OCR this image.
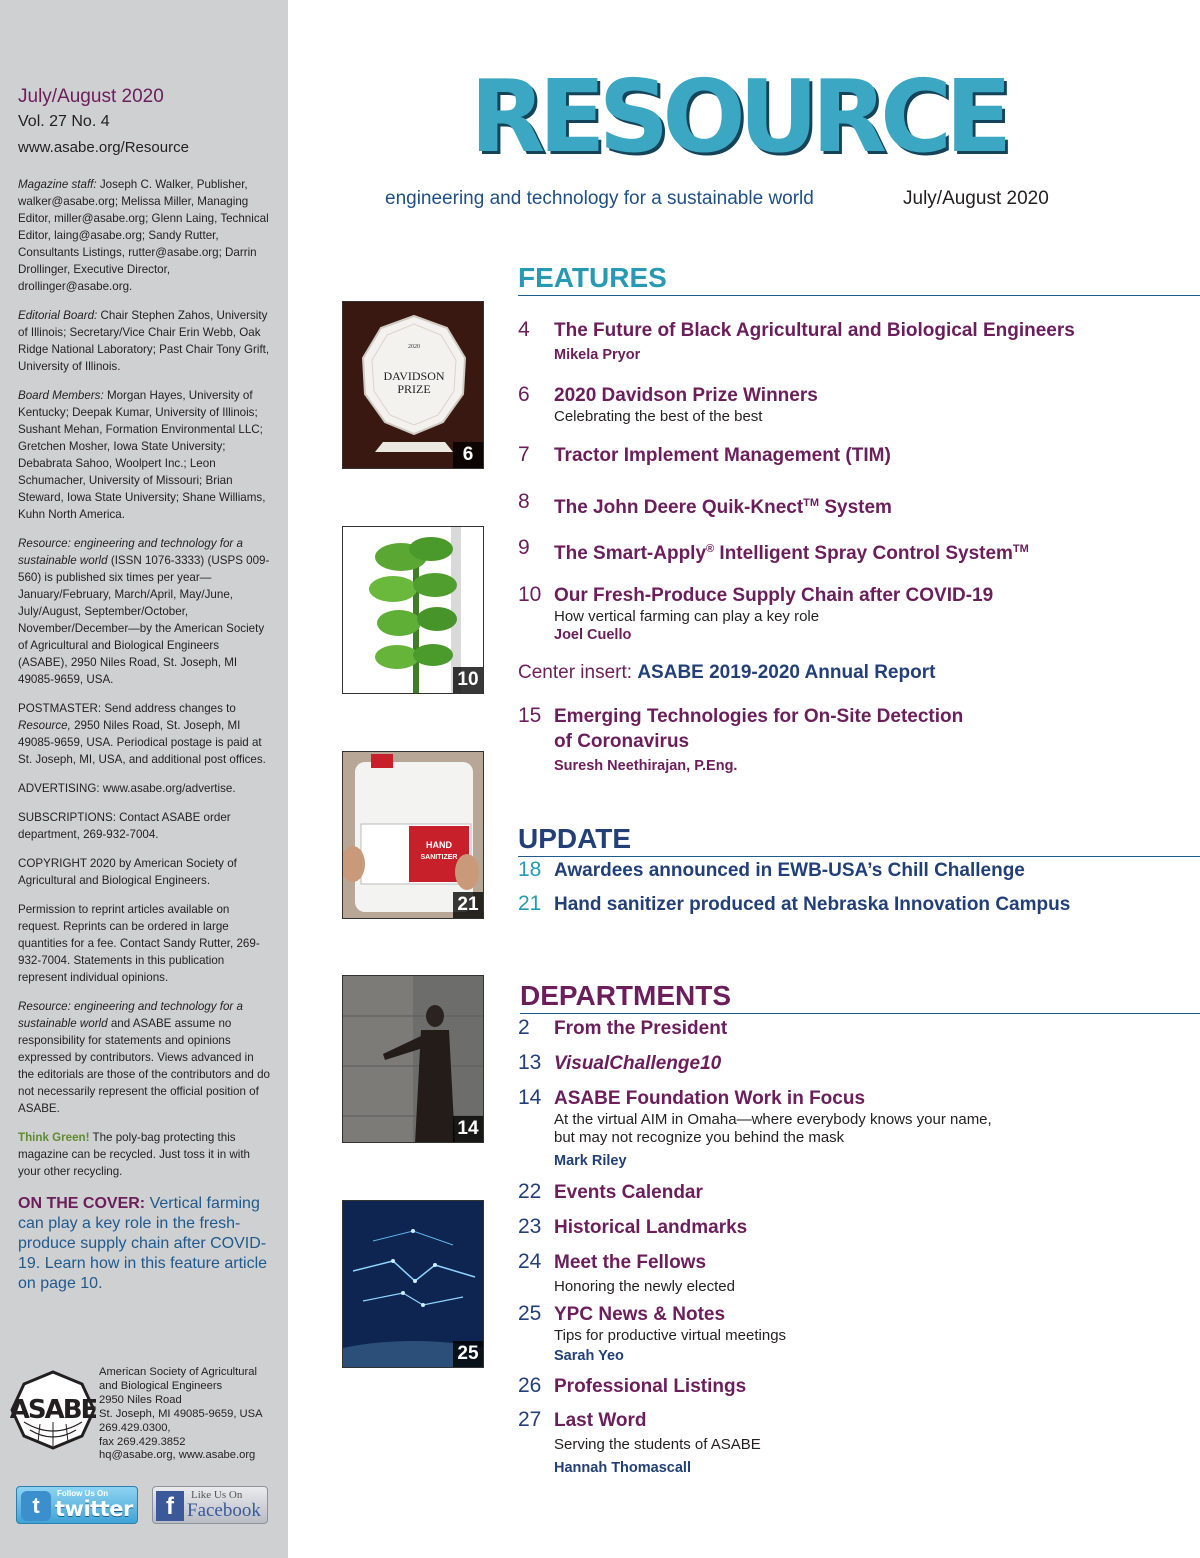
July/August 2020
Vol. 27 No. 4
www.asabe.org/Resource
Magazine staff: Joseph C. Walker, Publisher, walker@asabe.org; Melissa Miller, Managing Editor, miller@asabe.org; Glenn Laing, Technical Editor, laing@asabe.org; Sandy Rutter, Consultants Listings, rutter@asabe.org; Darrin Drollinger, Executive Director, drollinger@asabe.org.
Editorial Board: Chair Stephen Zahos, University of Illinois; Secretary/Vice Chair Erin Webb, Oak Ridge National Laboratory; Past Chair Tony Grift, University of Illinois.
Board Members: Morgan Hayes, University of Kentucky; Deepak Kumar, University of Illinois; Sushant Mehan, Formation Environmental LLC; Gretchen Mosher, Iowa State University; Debabrata Sahoo, Woolpert Inc.; Leon Schumacher, University of Missouri; Brian Steward, Iowa State University; Shane Williams, Kuhn North America.
Resource: engineering and technology for a sustainable world (ISSN 1076-3333) (USPS 009-560) is published six times per year—January/February, March/April, May/June, July/August, September/October, November/December—by the American Society of Agricultural and Biological Engineers (ASABE), 2950 Niles Road, St. Joseph, MI 49085-9659, USA.
POSTMASTER: Send address changes to Resource, 2950 Niles Road, St. Joseph, MI 49085-9659, USA. Periodical postage is paid at St. Joseph, MI, USA, and additional post offices.
ADVERTISING: www.asabe.org/advertise.
SUBSCRIPTIONS: Contact ASABE order department, 269-932-7004.
COPYRIGHT 2020 by American Society of Agricultural and Biological Engineers.
Permission to reprint articles available on request. Reprints can be ordered in large quantities for a fee. Contact Sandy Rutter, 269-932-7004. Statements in this publication represent individual opinions.
Resource: engineering and technology for a sustainable world and ASABE assume no responsibility for statements and opinions expressed by contributors. Views advanced in the editorials are those of the contributors and do not necessarily represent the official position of ASABE.
Think Green! The poly-bag protecting this magazine can be recycled. Just toss it in with your other recycling.
ON THE COVER: Vertical farming can play a key role in the fresh-produce supply chain after COVID-19. Learn how in this feature article on page 10.
ASABE
American Society of Agricultural
and Biological Engineers
2950 Niles Road
St. Joseph, MI 49085-9659, USA
269.429.0300,
fax 269.429.3852
hq@asabe.org, www.asabe.org
t	Follow Us On
twitter	f	Like Us On
Facebook
RESOURCE
engineering and technology for a sustainable world	July/August 2020
FEATURES
4 The Future of Black Agricultural and Biological Engineers
Mikela Pryor
6 2020 Davidson Prize Winners
Celebrating the best of the best
7 Tractor Implement Management (TIM)
8 The John Deere Quik-Knect™ System
9 The Smart-Apply® Intelligent Spray Control System™
10 Our Fresh-Produce Supply Chain after COVID-19
How vertical farming can play a key role
Joel Cuello
Center insert: ASABE 2019-2020 Annual Report
15 Emerging Technologies for On-Site Detection
of Coronavirus
Suresh Neethirajan, P.Eng.
UPDATE
18 Awardees announced in EWB-USA’s Chill Challenge
21 Hand sanitizer produced at Nebraska Innovation Campus
DEPARTMENTS
2 From the President
13 VisualChallenge10
14 ASABE Foundation Work in Focus
At the virtual AIM in Omaha—where everybody knows your name,
but may not recognize you behind the mask
Mark Riley
22 Events Calendar
23 Historical Landmarks
24 Meet the Fellows
Honoring the newly elected
25 YPC News & Notes
Tips for productive virtual meetings
Sarah Yeo
26 Professional Listings
27 Last Word
Serving the students of ASABE
Hannah Thomascall
2020
DAVIDSON
PRIZE
6
10
HAND
SANITIZER
21
14
25
